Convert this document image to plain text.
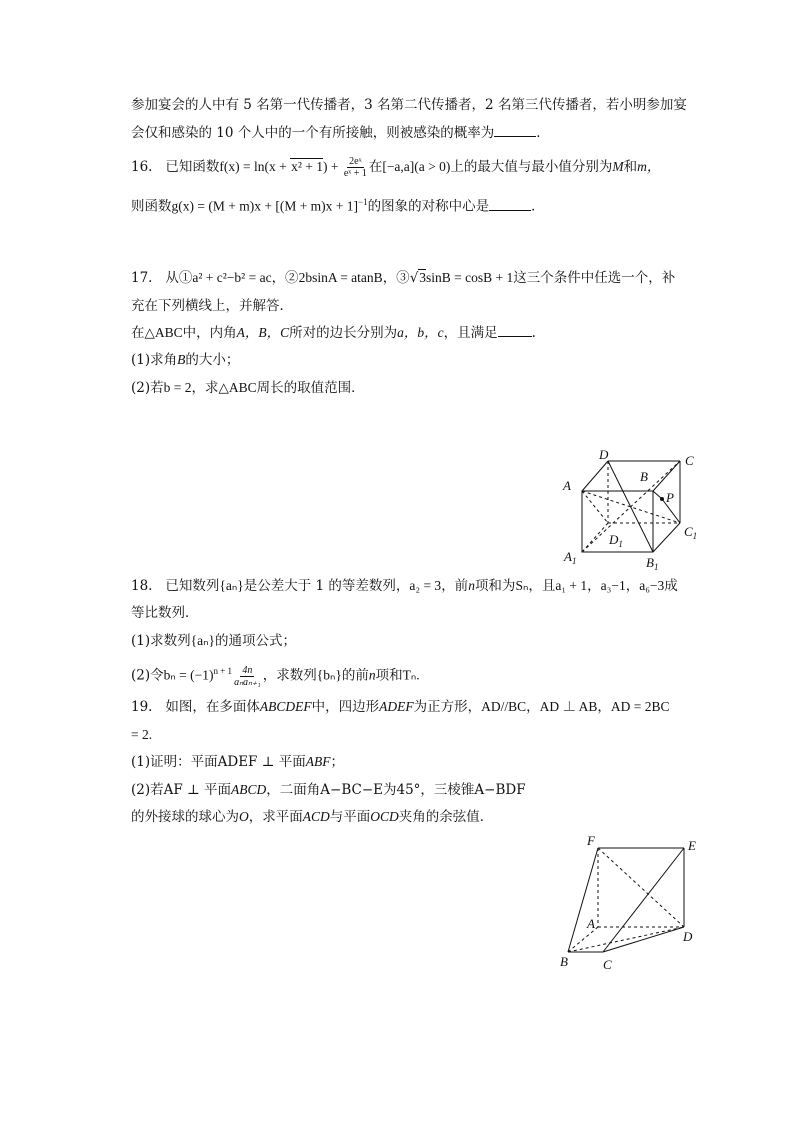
参加宴会的人中有 5 名第一代传播者，3 名第二代传播者，2 名第三代传播者，若小明参加宴
会仅和感染的 10 个人中的一个有所接触，则被感染的概率为	．
16. 已知函数$f(x) = \ln(x + x^2 + 1) + \frac{\text{2eˣ}}{\text{eˣ + 1}}$ 在[−a,a](a > 0)上的最大值与最小值分别为M和m，
则函数$g(x) = (M + m)x + [(M + m)x + 1]^{-1}$的图象的对称中心是	．
17. 从①a² + c²−b² = ac，②2bsinA = atanB，③√3sinB = cosB + 1这三个条件中任选一个，补
充在下列横线上，并解答．
在△ABC中，内角A，B，C所对的边长分别为a，b，c，且满足	.
(1)求角B的大小；
(2)若b = 2，求△ABC周长的取值范围．
D
B
C
A
P
$C_1$
$D_1$
$A_1$	$B_1$
18. 已知数列{aₙ}是公差大于 1 的等差数列，a₂ = 3，前n项和为Sₙ，且a₁ + 1，a₃−1，a₆−3成
等比数列．
(1)求数列{aₙ}的通项公式；
(2)令$b_n = (-1)^{n + 1} \frac{4n}{\text{aₙaₙ₊₁}}$ ，求数列{bₙ}的前n项和Tₙ.
19. 如图，在多面体ABCDEF中，四边形ADEF为正方形，AD//BC，AD ⊥ AB，AD = 2BC
= 2.
(1)证明：平面ADEF ⊥ 平面ABF；
(2)若AF ⊥ 平面ABCD，二面角A−BC−E为45°，三棱锥A−BDF
的外接球的球心为O，求平面ACD与平面OCD夹角的余弦值．
F	E
A
D
B	C
